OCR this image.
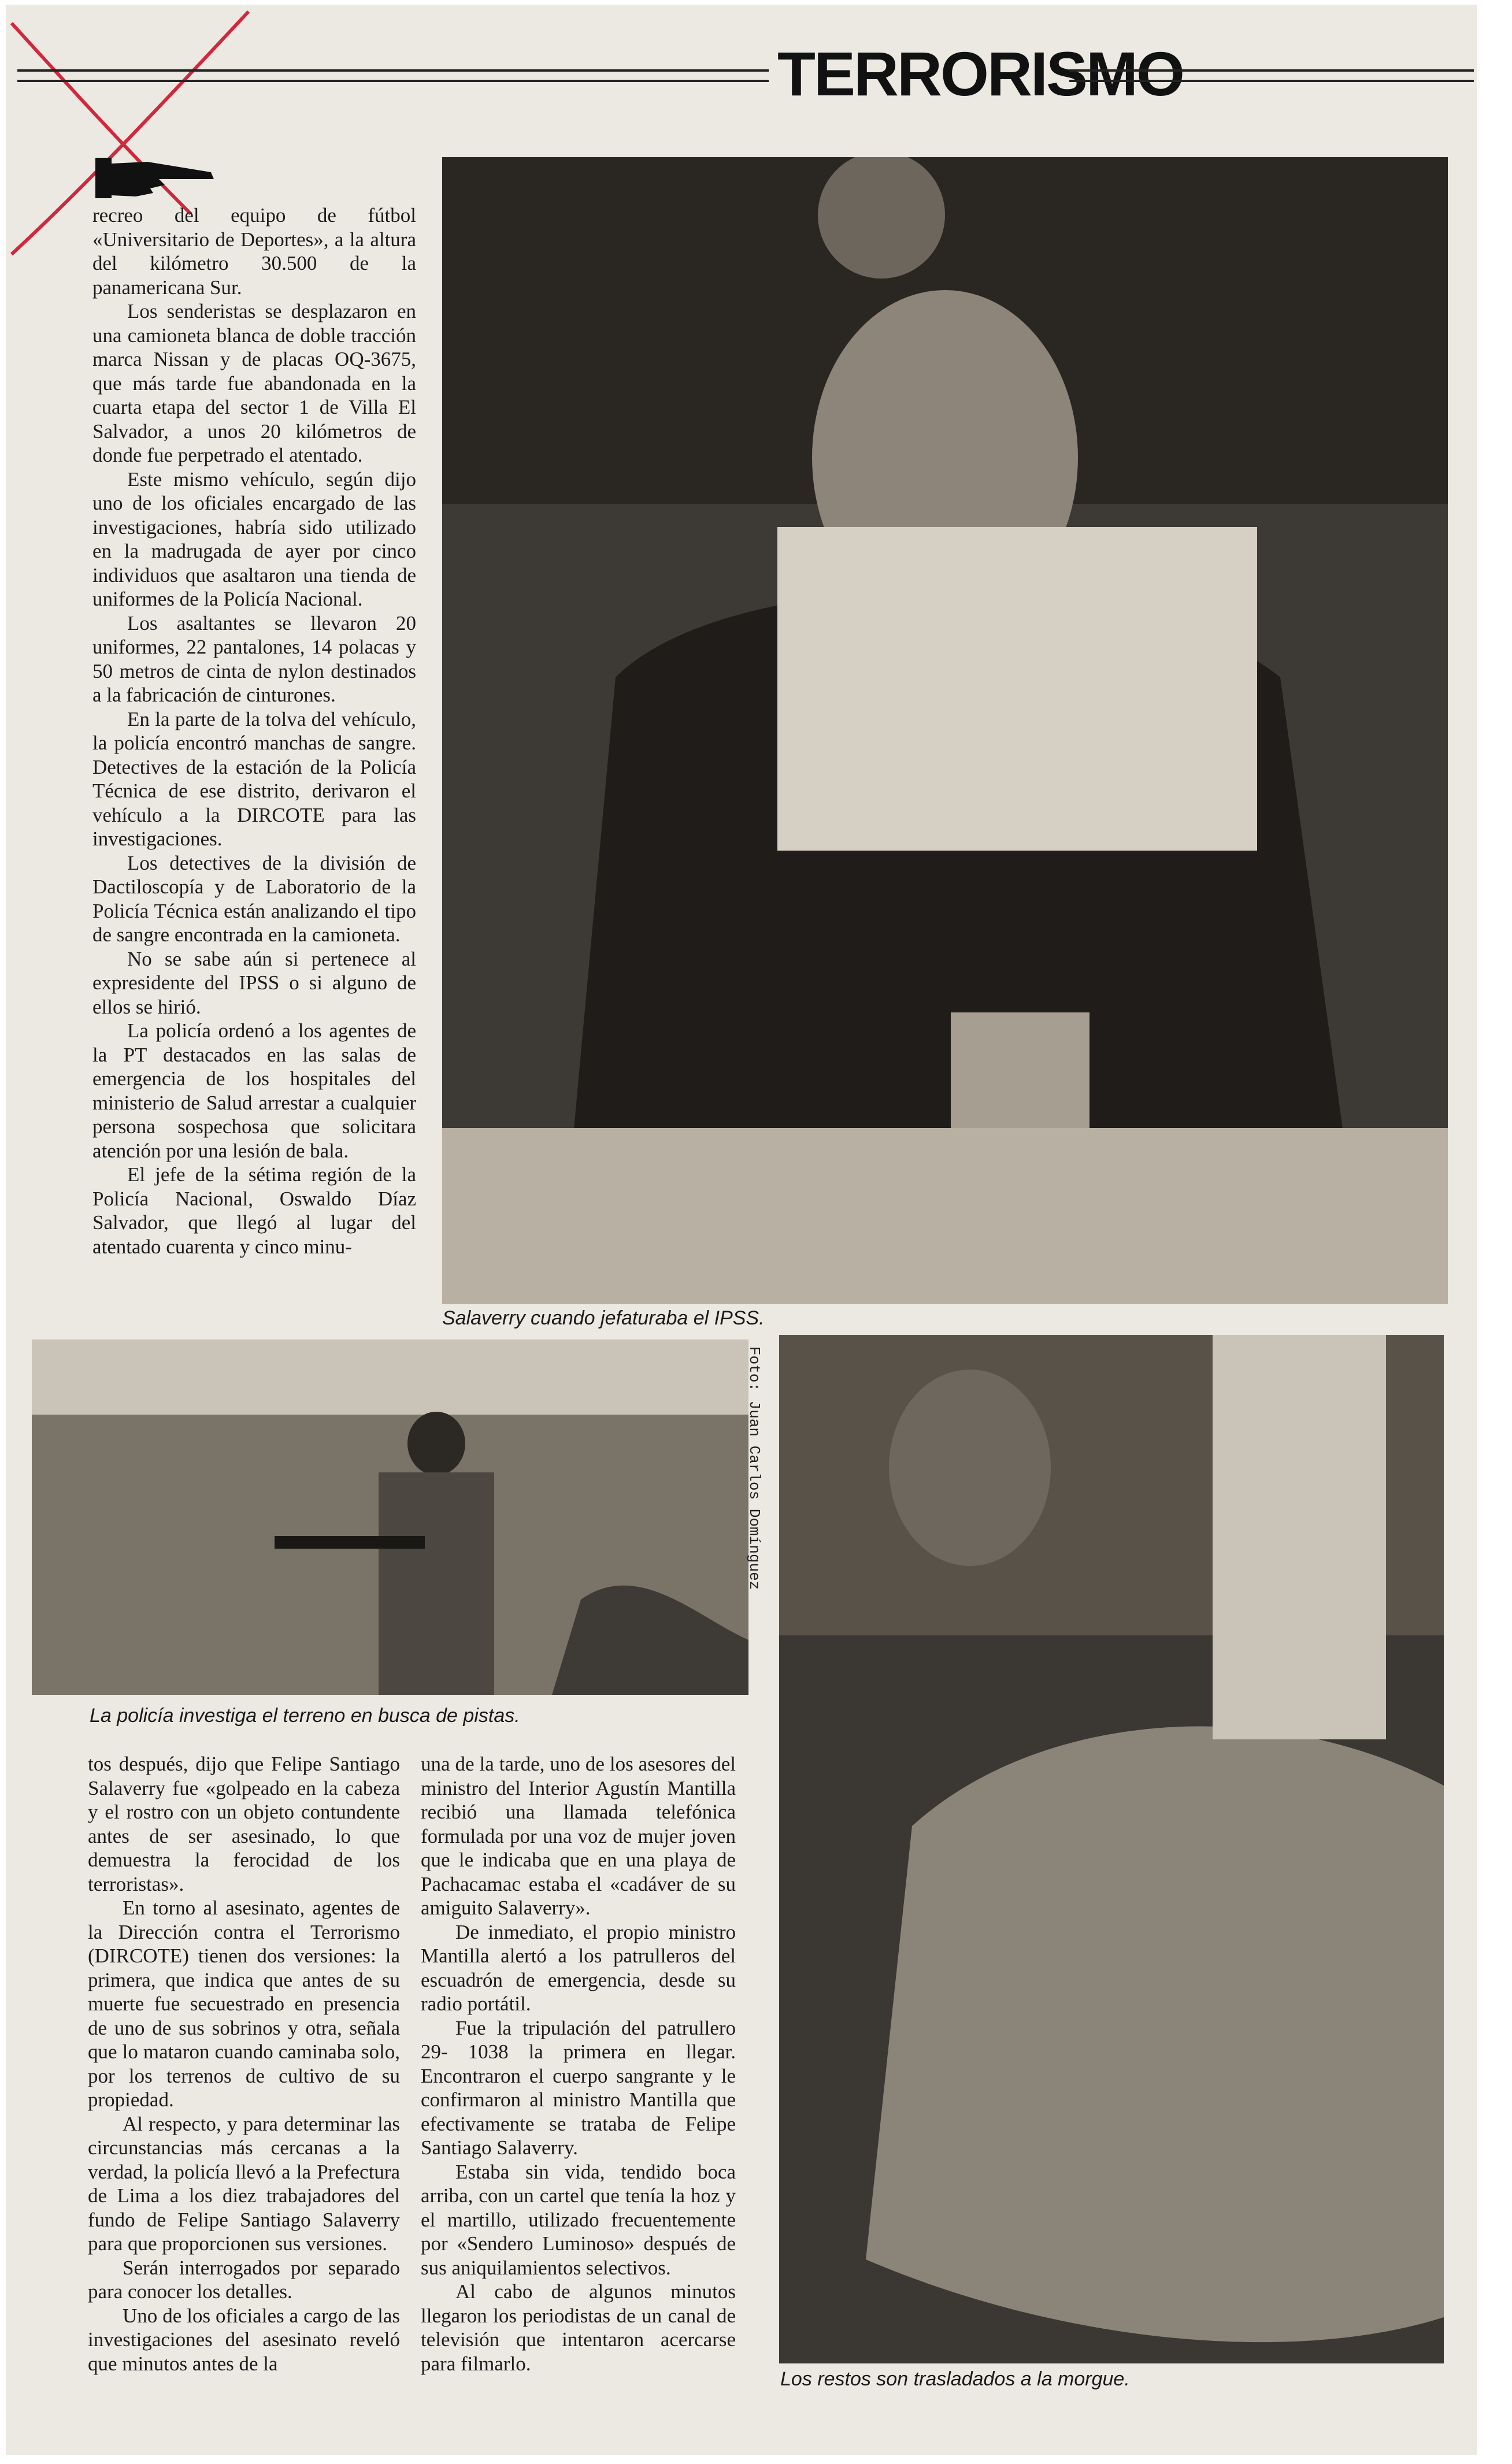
TERRORISMO

recreo del equipo de fútbol «Universitario de Deportes», a la altura del kilómetro 30.500 de la panamericana Sur.

Los senderistas se desplazaron en una camioneta blanca de doble tracción marca Nissan y de placas OQ-3675, que más tarde fue abandonada en la cuarta etapa del sector 1 de Villa El Salvador, a unos 20 kilómetros de donde fue perpetrado el atentado.

Este mismo vehículo, según dijo uno de los oficiales encargado de las investigaciones, habría sido utilizado en la madrugada de ayer por cinco individuos que asaltaron una tienda de uniformes de la Policía Nacional.

Los asaltantes se llevaron 20 uniformes, 22 pantalones, 14 polacas y 50 metros de cinta de nylon destinados a la fabricación de cinturones.

En la parte de la tolva del vehículo, la policía encontró manchas de sangre. Detectives de la estación de la Policía Técnica de ese distrito, derivaron el vehículo a la DIRCOTE para las investigaciones.

Los detectives de la división de Dactiloscopía y de Laboratorio de la Policía Técnica están analizando el tipo de sangre encontrada en la camioneta.

No se sabe aún si pertenece al expresidente del IPSS o si alguno de ellos se hirió.

La policía ordenó a los agentes de la PT destacados en las salas de emergencia de los hospitales del ministerio de Salud arrestar a cualquier persona sospechosa que solicitara atención por una lesión de bala.

El jefe de la sétima región de la Policía Nacional, Oswaldo Díaz Salvador, que llegó al lugar del atentado cuarenta y cinco minu-

Salaverry cuando jefaturaba el IPSS.
Foto: Juan Carlos Domínguez
La policía investiga el terreno en busca de pistas.
Los restos son trasladados a la morgue.

tos después, dijo que Felipe Santiago Salaverry fue «golpeado en la cabeza y el rostro con un objeto contundente antes de ser asesinado, lo que demuestra la ferocidad de los terroristas».

En torno al asesinato, agentes de la Dirección contra el Terrorismo (DIRCOTE) tienen dos versiones: la primera, que indica que antes de su muerte fue secuestrado en presencia de uno de sus sobrinos y otra, señala que lo mataron cuando caminaba solo, por los terrenos de cultivo de su propiedad.

Al respecto, y para determinar las circunstancias más cercanas a la verdad, la policía llevó a la Prefectura de Lima a los diez trabajadores del fundo de Felipe Santiago Salaverry para que proporcionen sus versiones.

Serán interrogados por separado para conocer los detalles.

Uno de los oficiales a cargo de las investigaciones del asesinato reveló que minutos antes de la

una de la tarde, uno de los asesores del ministro del Interior Agustín Mantilla recibió una llamada telefónica formulada por una voz de mujer joven que le indicaba que en una playa de Pachacamac estaba el «cadáver de su amiguito Salaverry».

De inmediato, el propio ministro Mantilla alertó a los patrulleros del escuadrón de emergencia, desde su radio portátil.

Fue la tripulación del patrullero 29- 1038 la primera en llegar. Encontraron el cuerpo sangrante y le confirmaron al ministro Mantilla que efectivamente se trataba de Felipe Santiago Salaverry.

Estaba sin vida, tendido boca arriba, con un cartel que tenía la hoz y el martillo, utilizado frecuentemente por «Sendero Luminoso» después de sus aniquilamientos selectivos.

Al cabo de algunos minutos llegaron los periodistas de un canal de televisión que intentaron acercarse para filmarlo.
